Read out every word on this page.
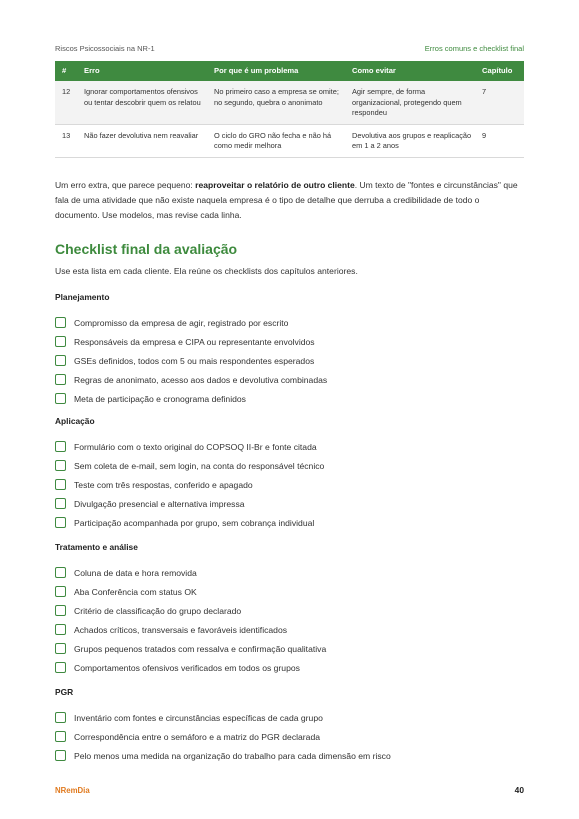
Riscos Psicossociais na NR-1	Erros comuns e checklist final
#	Erro	Por que é um problema	Como evitar	Capítulo
12	Ignorar comportamentos ofensivos ou tentar descobrir quem os relatou	No primeiro caso a empresa se omite; no segundo, quebra o anonimato	Agir sempre, de forma organizacional, protegendo quem respondeu	7
13	Não fazer devolutiva nem reavaliar	O ciclo do GRO não fecha e não há como medir melhora	Devolutiva aos grupos e reaplicação em 1 a 2 anos	9

Um erro extra, que parece pequeno: reaproveitar o relatório de outro cliente. Um texto de "fontes e circunstâncias" que fala de uma atividade que não existe naquela empresa é o tipo de detalhe que derruba a credibilidade de todo o documento. Use modelos, mas revise cada linha.

Checklist final da avaliação

Use esta lista em cada cliente. Ela reúne os checklists dos capítulos anteriores.

Planejamento
Compromisso da empresa de agir, registrado por escrito
Responsáveis da empresa e CIPA ou representante envolvidos
GSEs definidos, todos com 5 ou mais respondentes esperados
Regras de anonimato, acesso aos dados e devolutiva combinadas
Meta de participação e cronograma definidos
Aplicação
Formulário com o texto original do COPSOQ II-Br e fonte citada
Sem coleta de e-mail, sem login, na conta do responsável técnico
Teste com três respostas, conferido e apagado
Divulgação presencial e alternativa impressa
Participação acompanhada por grupo, sem cobrança individual
Tratamento e análise
Coluna de data e hora removida
Aba Conferência com status OK
Critério de classificação do grupo declarado
Achados críticos, transversais e favoráveis identificados
Grupos pequenos tratados com ressalva e confirmação qualitativa
Comportamentos ofensivos verificados em todos os grupos
PGR
Inventário com fontes e circunstâncias específicas de cada grupo
Correspondência entre o semáforo e a matriz do PGR declarada
Pelo menos uma medida na organização do trabalho para cada dimensão em risco
NRemDia	40
